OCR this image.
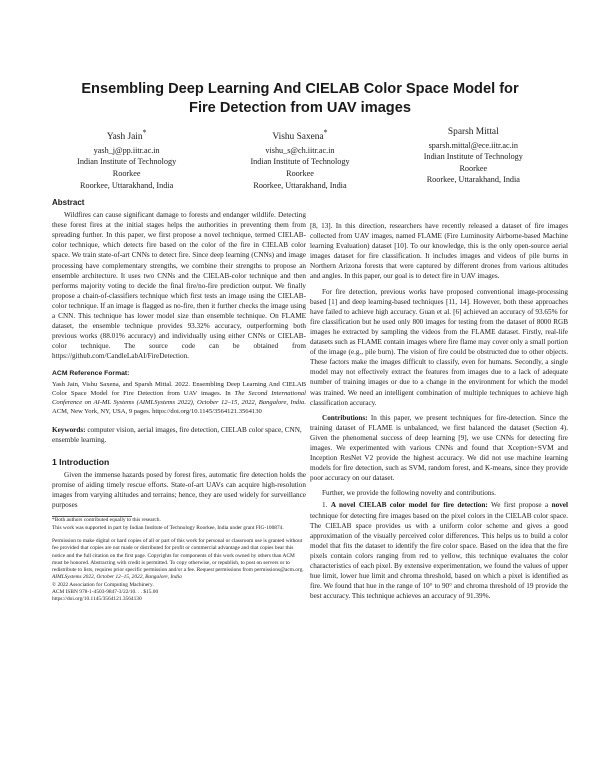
Ensembling Deep Learning And CIELAB Color Space Model for
Fire Detection from UAV images
Yash Jain*
yash_j@pp.iitr.ac.in
Indian Institute of Technology
Roorkee
Roorkee, Uttarakhand, India
Vishu Saxena*
vishu_s@ch.iitr.ac.in
Indian Institute of Technology
Roorkee
Roorkee, Uttarakhand, India
Sparsh Mittal
sparsh.mittal@ece.iitr.ac.in
Indian Institute of Technology
Roorkee
Roorkee, Uttarakhand, India
Abstract

Wildfires can cause significant damage to forests and endanger wildlife. Detecting these forest fires at the initial stages helps the authorities in preventing them from spreading further. In this paper, we first propose a novel technique, termed CIELAB-color technique, which detects fire based on the color of the fire in CIELAB color space. We train state-of-art CNNs to detect fire. Since deep learning (CNNs) and image processing have complementary strengths, we combine their strengths to propose an ensemble architecture. It uses two CNNs and the CIELAB-color technique and then performs majority voting to decide the final fire/no-fire prediction output. We finally propose a chain-of-classifiers technique which first tests an image using the CIELAB-color technique. If an image is flagged as no-fire, then it further checks the image using a CNN. This technique has lower model size than ensemble technique. On FLAME dataset, the ensemble technique provides 93.32% accuracy, outperforming both previous works (88.01% accuracy) and individually using either CNNs or CIELAB-color technique. The source code can be obtained from https://github.com/CandleLabAI/FireDetection.

ACM Reference Format:
Yash Jain, Vishu Saxena, and Sparsh Mittal. 2022. Ensembling Deep Learning And CIELAB Color Space Model for Fire Detection from UAV images. In The Second International Conference on AI-ML Systems (AIMLSystems 2022), October 12–15, 2022, Bangalore, India. ACM, New York, NY, USA, 9 pages. https://doi.org/10.1145/3564121.3564130
Keywords: computer vision, aerial images, fire detection, CIELAB color space, CNN, ensemble learning.
1 Introduction

Given the immense hazards posed by forest fires, automatic fire detection holds the promise of aiding timely rescue efforts. State-of-art UAVs can acquire high-resolution images from varying altitudes and terrains; hence, they are used widely for surveillance purposes

*Both authors contributed equally to this research.
This work was supported in part by Indian Institute of Technology Roorkee, India under grant FIG-100874.
Permission to make digital or hard copies of all or part of this work for personal or classroom use is granted without fee provided that copies are not made or distributed for profit or commercial advantage and that copies bear this notice and the full citation on the first page. Copyrights for components of this work owned by others than ACM must be honored. Abstracting with credit is permitted. To copy otherwise, or republish, to post on servers or to redistribute to lists, requires prior specific permission and/or a fee. Request permissions from permissions@acm.org.
AIMLSystems 2022, October 12–15, 2022, Bangalore, India
© 2022 Association for Computing Machinery.
ACM ISBN 978-1-4503-9847-3/22/10. . . $15.00
https://doi.org/10.1145/3564121.3564130

[8, 13]. In this direction, researchers have recently released a dataset of fire images collected from UAV images, named FLAME (Fire Luminosity Airborne-based Machine learning Evaluation) dataset [10]. To our knowledge, this is the only open-source aerial images dataset for fire classification. It includes images and videos of pile burns in Northern Arizona forests that were captured by different drones from various altitudes and angles. In this paper, our goal is to detect fire in UAV images.

For fire detection, previous works have proposed conventional image-processing based [1] and deep learning-based techniques [11, 14]. However, both these approaches have failed to achieve high accuracy. Guan et al. [6] achieved an accuracy of 93.65% for fire classification but he used only 800 images for testing from the dataset of 8000 RGB images he extracted by sampling the videos from the FLAME dataset. Firstly, real-life datasets such as FLAME contain images where fire flame may cover only a small portion of the image (e.g., pile burn). The vision of fire could be obstructed due to other objects. These factors make the images difficult to classify, even for humans. Secondly, a single model may not effectively extract the features from images due to a lack of adequate number of training images or due to a change in the environment for which the model was trained. We need an intelligent combination of multiple techniques to achieve high classification accuracy.

Contributions: In this paper, we present techniques for fire-detection. Since the training dataset of FLAME is unbalanced, we first balanced the dataset (Section 4). Given the phenomenal success of deep learning [9], we use CNNs for detecting fire images. We experimented with various CNNs and found that Xception+SVM and Inception ResNet V2 provide the highest accuracy. We did not use machine learning models for fire detection, such as SVM, random forest, and K-means, since they provide poor accuracy on our dataset.

Further, we provide the following novelty and contributions.

1. A novel CIELAB color model for fire detection: We first propose a novel technique for detecting fire images based on the pixel colors in the CIELAB color space. The CIELAB space provides us with a uniform color scheme and gives a good approximation of the visually perceived color differences. This helps us to build a color model that fits the dataset to identify the fire color space. Based on the idea that the fire pixels contain colors ranging from red to yellow, this technique evaluates the color characteristics of each pixel. By extensive experimentation, we found the values of upper hue limit, lower hue limit and chroma threshold, based on which a pixel is identified as fire. We found that hue in the range of 10° to 90° and chroma threshold of 19 provide the best accuracy. This technique achieves an accuracy of 91.39%.
